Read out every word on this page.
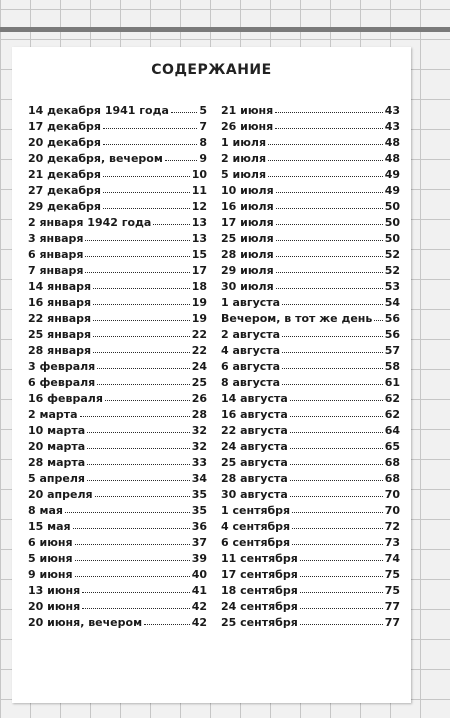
СОДЕРЖАНИЕ
14 декабря 1941 года	5
17 декабря	7
20 декабря	8
20 декабря, вечером	9
21 декабря	10
27 декабря	11
29 декабря	12
2 января 1942 года	13
3 января	13
6 января	15
7 января	17
14 января	18
16 января	19
22 января	19
25 января	22
28 января	22
3 февраля	24
6 февраля	25
16 февраля	26
2 марта	28
10 марта	32
20 марта	32
28 марта	33
5 апреля	34
20 апреля	35
8 мая	35
15 мая	36
6 июня	37
5 июня	39
9 июня	40
13 июня	41
20 июня	42
20 июня, вечером	42
21 июня	43
26 июня	43
1 июля	48
2 июля	48
5 июля	49
10 июля	49
16 июля	50
17 июля	50
25 июля	50
28 июля	52
29 июля	52
30 июля	53
1 августа	54
Вечером, в тот же день 56
2 августа	56
4 августа	57
6 августа	58
8 августа	61
14 августа	62
16 августа	62
22 августа	64
24 августа	65
25 августа	68
28 августа	68
30 августа	70
1 сентября	70
4 сентября	72
6 сентября	73
11 сентября	74
17 сентября	75
18 сентября	75
24 сентября	77
25 сентября	77
